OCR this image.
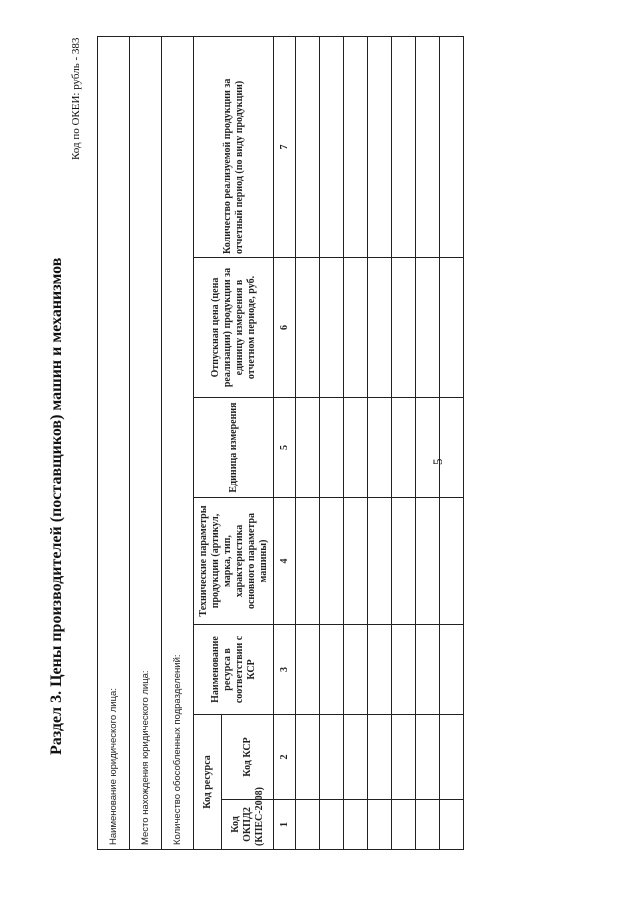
5
Раздел 3. Цены производителей (поставщиков) машин и механизмов
Код по ОКЕИ: рубль - 383
Наименование юридического лица:						
Место нахождения юридического лица:						
Количество обособленных подразделений:						
Код ресурса		Наименование ресурса в соответствии с КСР	Технические параметры продукции (артикул, марка, тип, характеристика основного параметра машины)	Единица измерения	Отпускная цена (цена реализации) продукции за единицу измерения в отчетном периоде, руб.	Количество реализуемой продукции за отчетный период (по виду продукции)
Код ОКПД2 (КПЕС-2008)	Код КСР					
1	2	3	4	5	6	7
